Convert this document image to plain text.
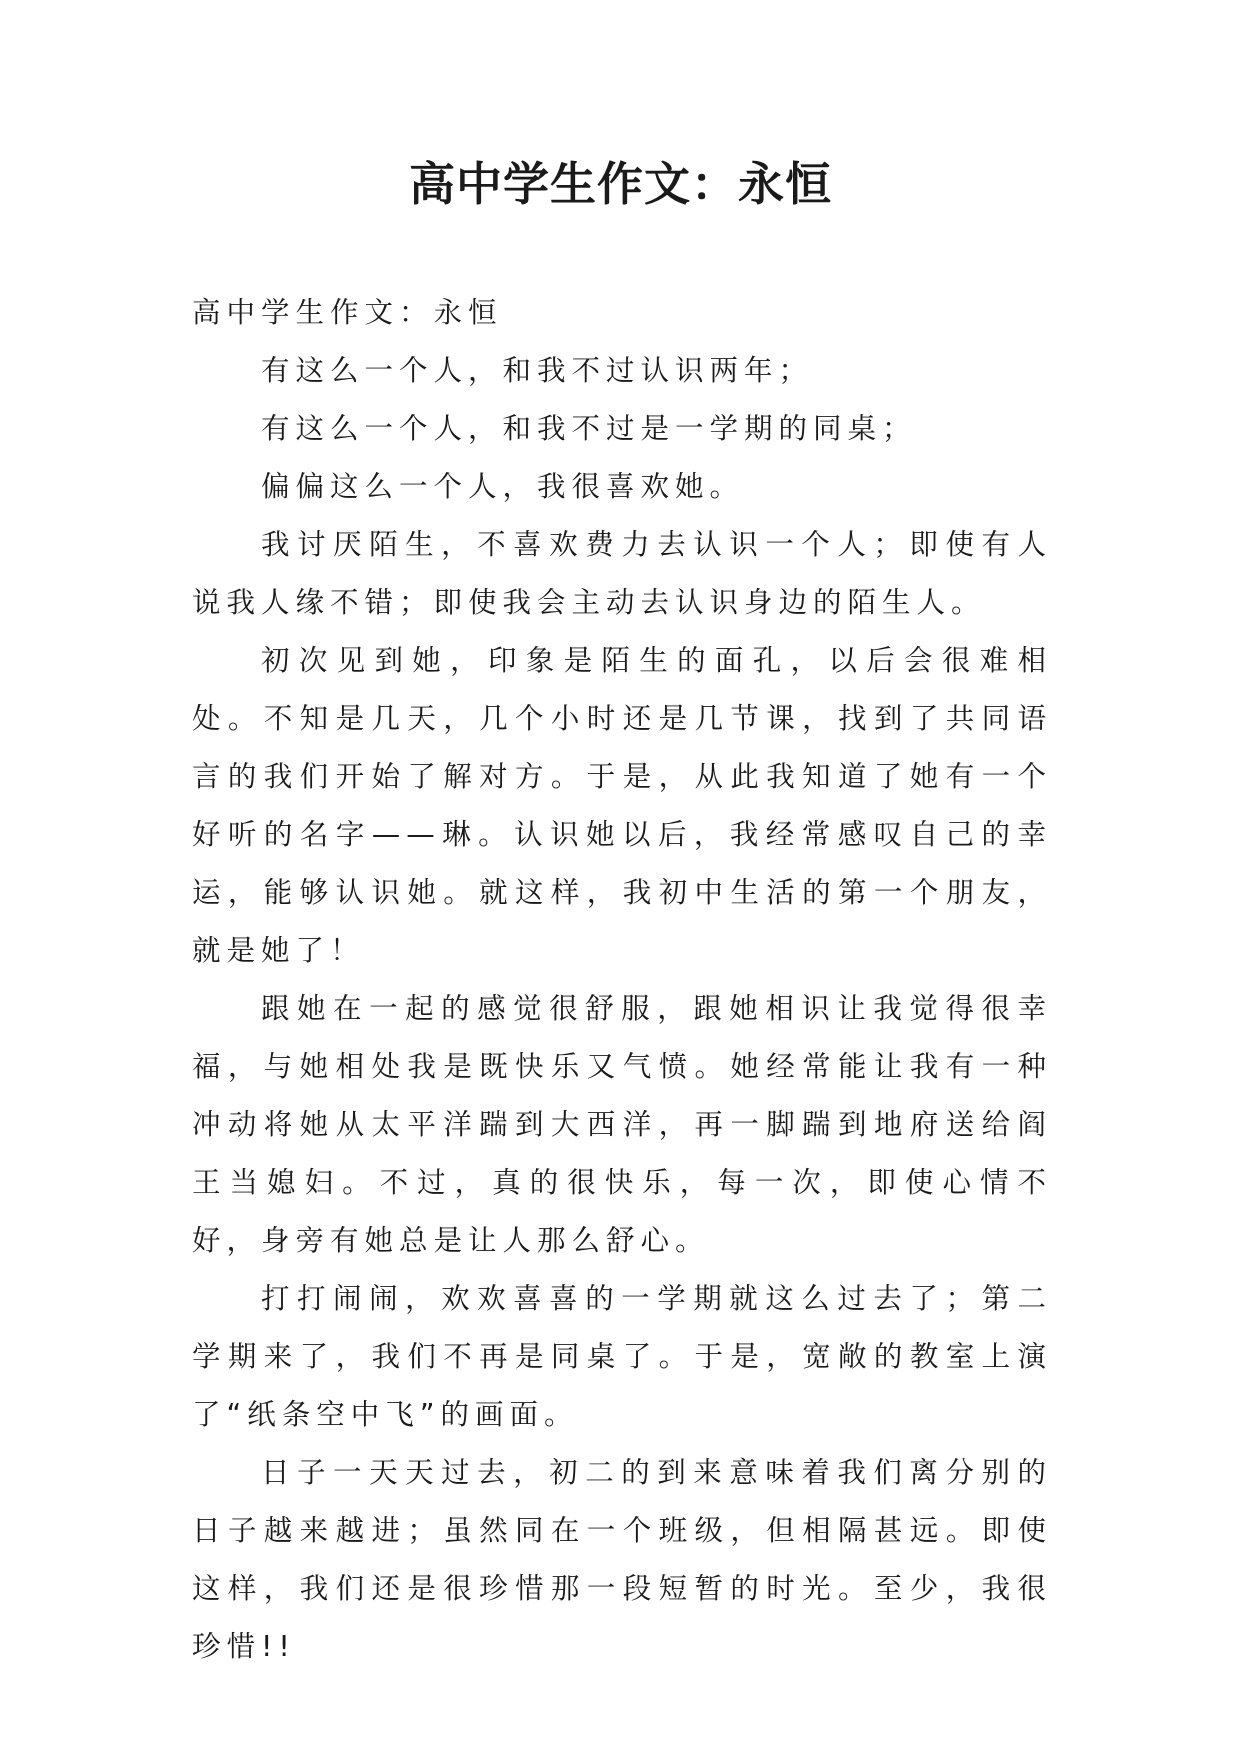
高中学生作文：永恒

高中学生作文：永恒

有这么一个人，和我不过认识两年；

有这么一个人，和我不过是一学期的同桌；

偏偏这么一个人，我很喜欢她。

我讨厌陌生，不喜欢费力去认识一个人；即使有人说我人缘不错；即使我会主动去认识身边的陌生人。

初次见到她，印象是陌生的面孔，以后会很难相处。不知是几天，几个小时还是几节课，找到了共同语言的我们开始了解对方。于是，从此我知道了她有一个好听的名字——琳。认识她以后，我经常感叹自己的幸运，能够认识她。就这样，我初中生活的第一个朋友，就是她了！

跟她在一起的感觉很舒服，跟她相识让我觉得很幸福，与她相处我是既快乐又气愤。她经常能让我有一种冲动将她从太平洋踹到大西洋，再一脚踹到地府送给阎王当媳妇。不过，真的很快乐，每一次，即使心情不好，身旁有她总是让人那么舒心。

打打闹闹，欢欢喜喜的一学期就这么过去了；第二学期来了，我们不再是同桌了。于是，宽敞的教室上演了“纸条空中飞”的画面。

日子一天天过去，初二的到来意味着我们离分别的日子越来越进；虽然同在一个班级，但相隔甚远。即使这样，我们还是很珍惜那一段短暂的时光。至少，我很珍惜!!
